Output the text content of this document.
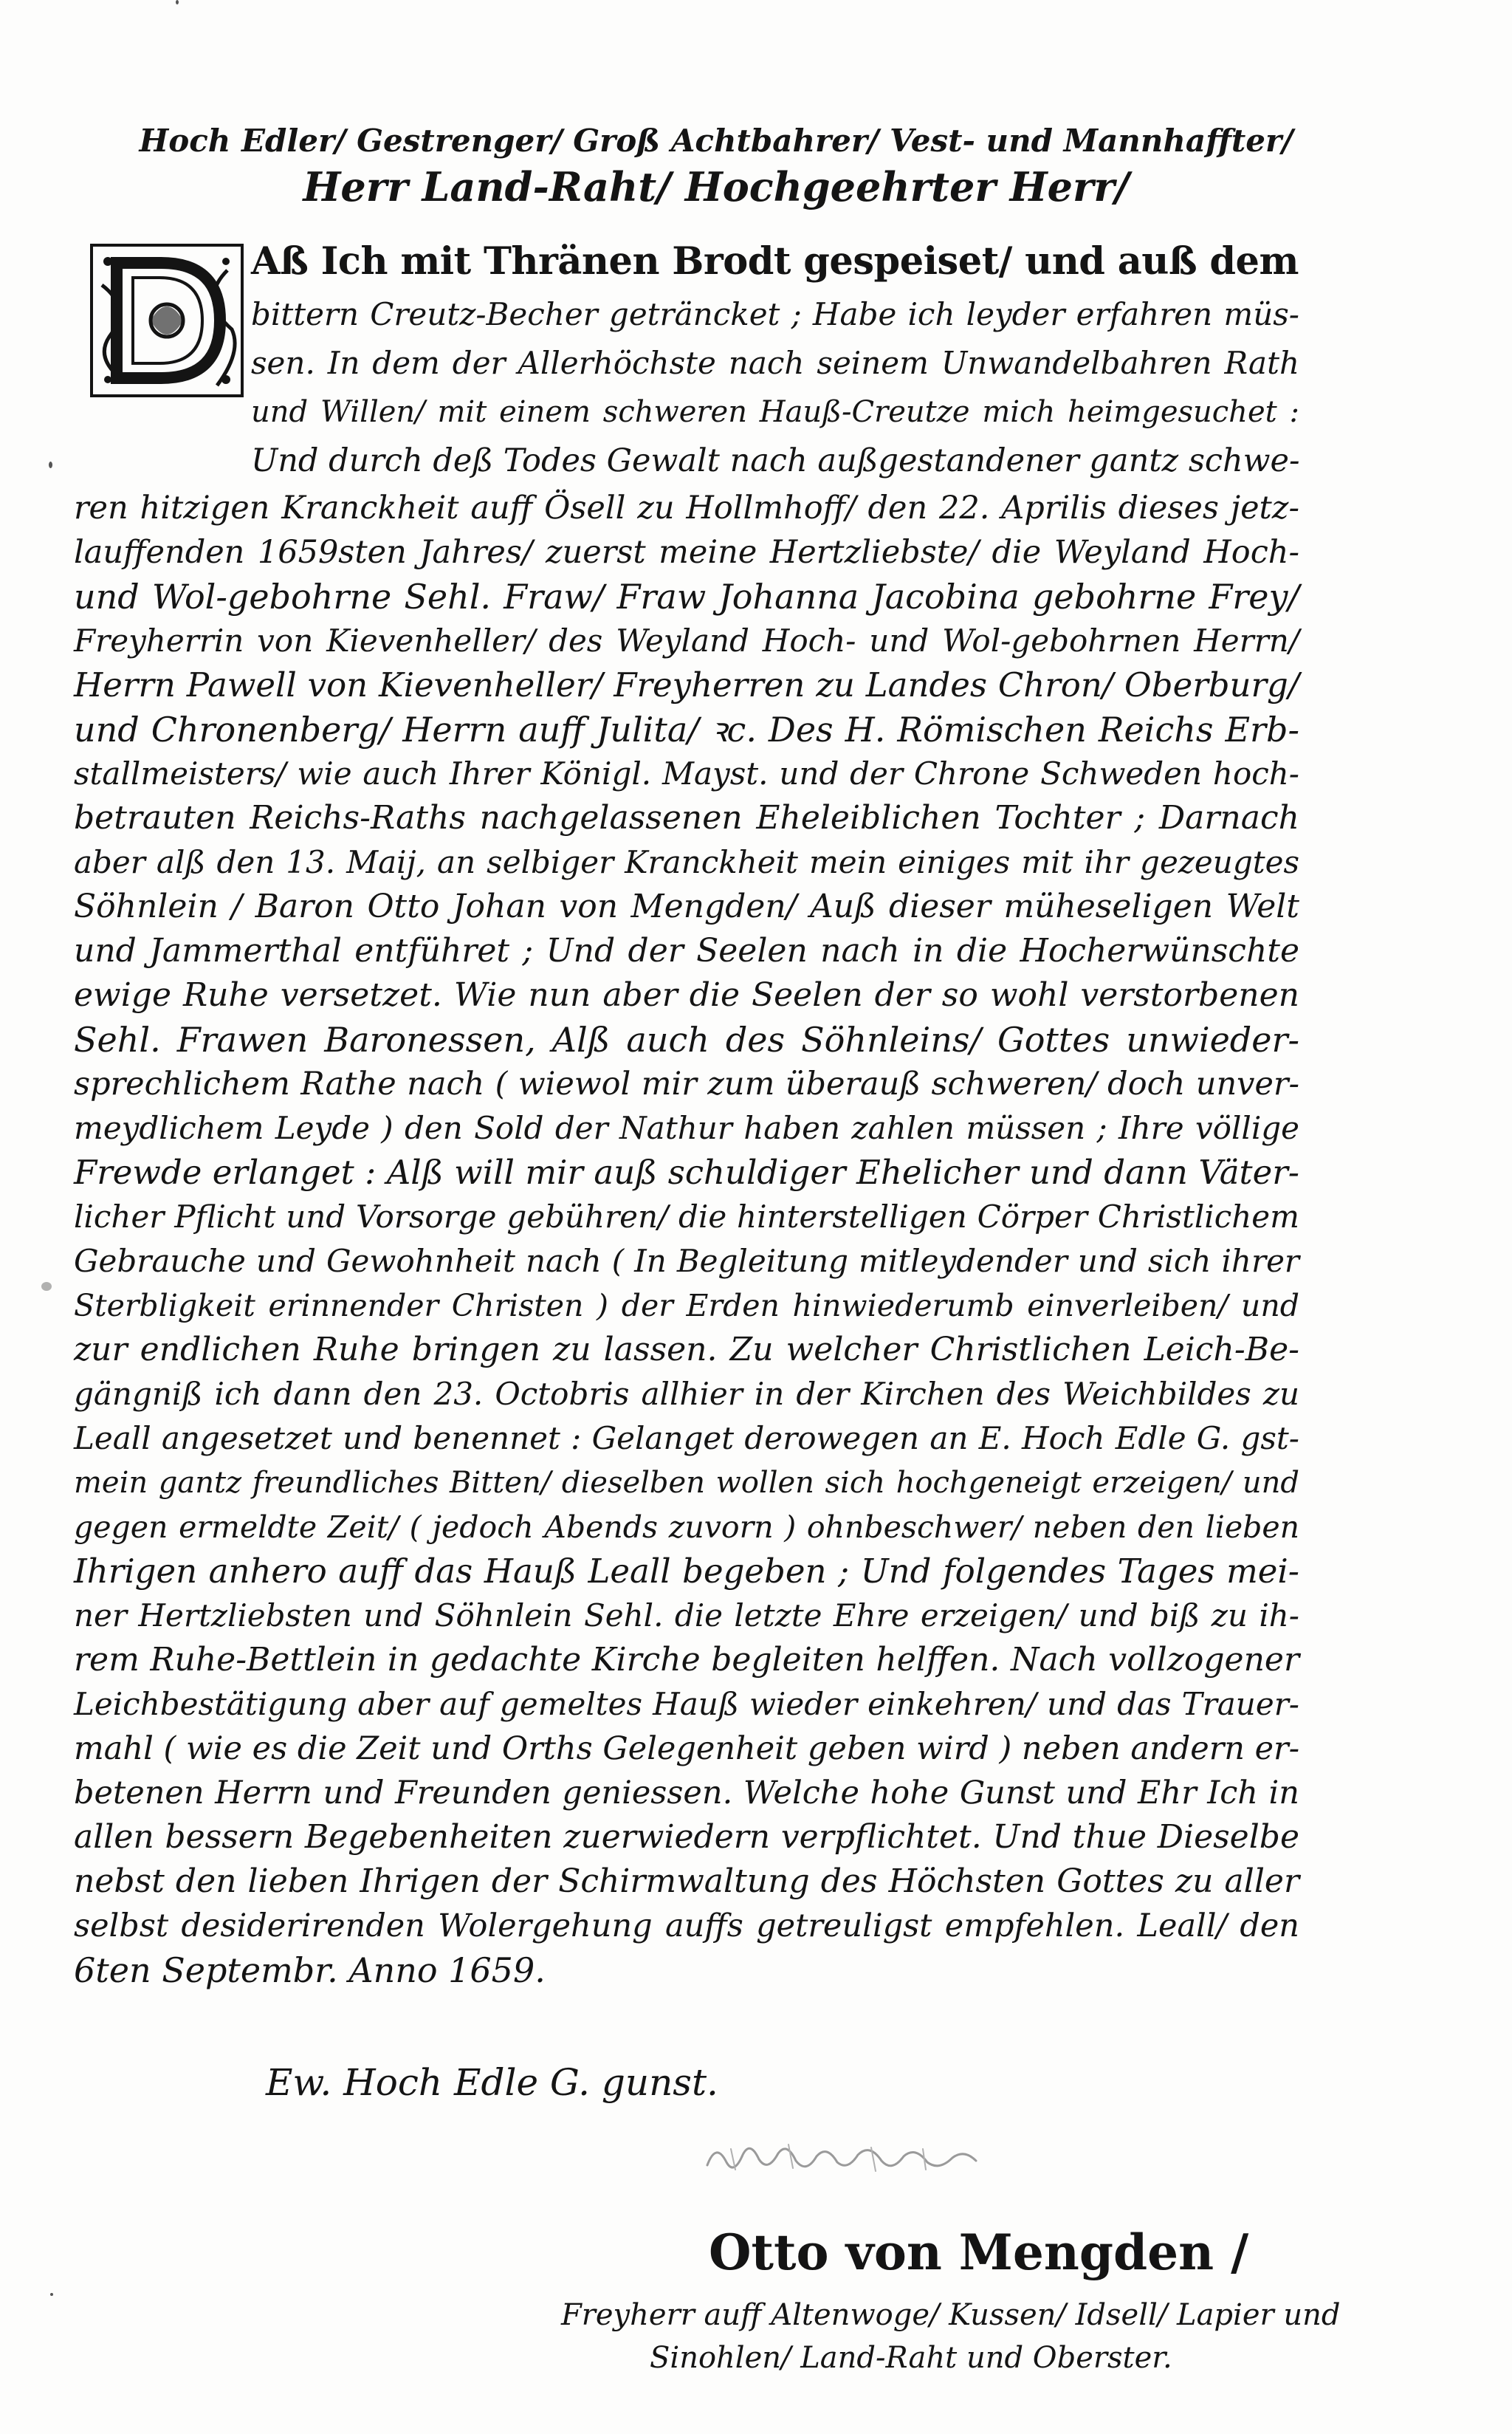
Hoch Edler/ Gestrenger/ Groß Achtbahrer/ Vest- und Mannhaffter/
Herr Land-Raht/ Hochgeehrter Herr/
Aß Ich mit Thränen Brodt gespeiset/ und auß dem
bittern Creutz-Becher geträncket ; Habe ich leyder erfahren müs-
sen. In dem der Allerhöchste nach seinem Unwandelbahren Rath
und Willen/ mit einem schweren Hauß-Creutze mich heimgesuchet :
Und durch deß Todes Gewalt nach außgestandener gantz schwe-
ren hitzigen Kranckheit auff Ösell zu Hollmhoff/ den 22. Aprilis dieses jetz-
lauffenden 1659sten Jahres/ zuerst meine Hertzliebste/ die Weyland Hoch-
und Wol-gebohrne Sehl. Fraw/ Fraw Johanna Jacobina gebohrne Frey/
Freyherrin von Kievenheller/ des Weyland Hoch- und Wol-gebohrnen Herrn/
Herrn Pawell von Kievenheller/ Freyherren zu Landes Chron/ Oberburg/
und Chronenberg/ Herrn auff Julita/ ꝛc. Des H. Römischen Reichs Erb-
stallmeisters/ wie auch Ihrer Königl. Mayst. und der Chrone Schweden hoch-
betrauten Reichs-Raths nachgelassenen Eheleiblichen Tochter ; Darnach
aber alß den 13. Maij, an selbiger Kranckheit mein einiges mit ihr gezeugtes
Söhnlein / Baron Otto Johan von Mengden/ Auß dieser müheseligen Welt
und Jammerthal entführet ; Und der Seelen nach in die Hocherwünschte
ewige Ruhe versetzet. Wie nun aber die Seelen der so wohl verstorbenen
Sehl. Frawen Baronessen, Alß auch des Söhnleins/ Gottes unwieder-
sprechlichem Rathe nach ( wiewol mir zum überauß schweren/ doch unver-
meydlichem Leyde ) den Sold der Nathur haben zahlen müssen ; Ihre völlige
Frewde erlanget : Alß will mir auß schuldiger Ehelicher und dann Väter-
licher Pflicht und Vorsorge gebühren/ die hinterstelligen Cörper Christlichem
Gebrauche und Gewohnheit nach ( In Begleitung mitleydender und sich ihrer
Sterbligkeit erinnender Christen ) der Erden hinwiederumb einverleiben/ und
zur endlichen Ruhe bringen zu lassen. Zu welcher Christlichen Leich-Be-
gängniß ich dann den 23. Octobris allhier in der Kirchen des Weichbildes zu
Leall angesetzet und benennet : Gelanget derowegen an E. Hoch Edle G. gst-
mein gantz freundliches Bitten/ dieselben wollen sich hochgeneigt erzeigen/ und
gegen ermeldte Zeit/ ( jedoch Abends zuvorn ) ohnbeschwer/ neben den lieben
Ihrigen anhero auff das Hauß Leall begeben ; Und folgendes Tages mei-
ner Hertzliebsten und Söhnlein Sehl. die letzte Ehre erzeigen/ und biß zu ih-
rem Ruhe-Bettlein in gedachte Kirche begleiten helffen. Nach vollzogener
Leichbestätigung aber auf gemeltes Hauß wieder einkehren/ und das Trauer-
mahl ( wie es die Zeit und Orths Gelegenheit geben wird ) neben andern er-
betenen Herrn und Freunden geniessen. Welche hohe Gunst und Ehr Ich in
allen bessern Begebenheiten zuerwiedern verpflichtet. Und thue Dieselbe
nebst den lieben Ihrigen der Schirmwaltung des Höchsten Gottes zu aller
selbst desiderirenden Wolergehung auffs getreuligst empfehlen. Leall/ den
6ten Septembr. Anno 1659.
Ew. Hoch Edle G. gunst.
Otto von Mengden /
Freyherr auff Altenwoge/ Kussen/ Idsell/ Lapier und
Sinohlen/ Land-Raht und Oberster.
